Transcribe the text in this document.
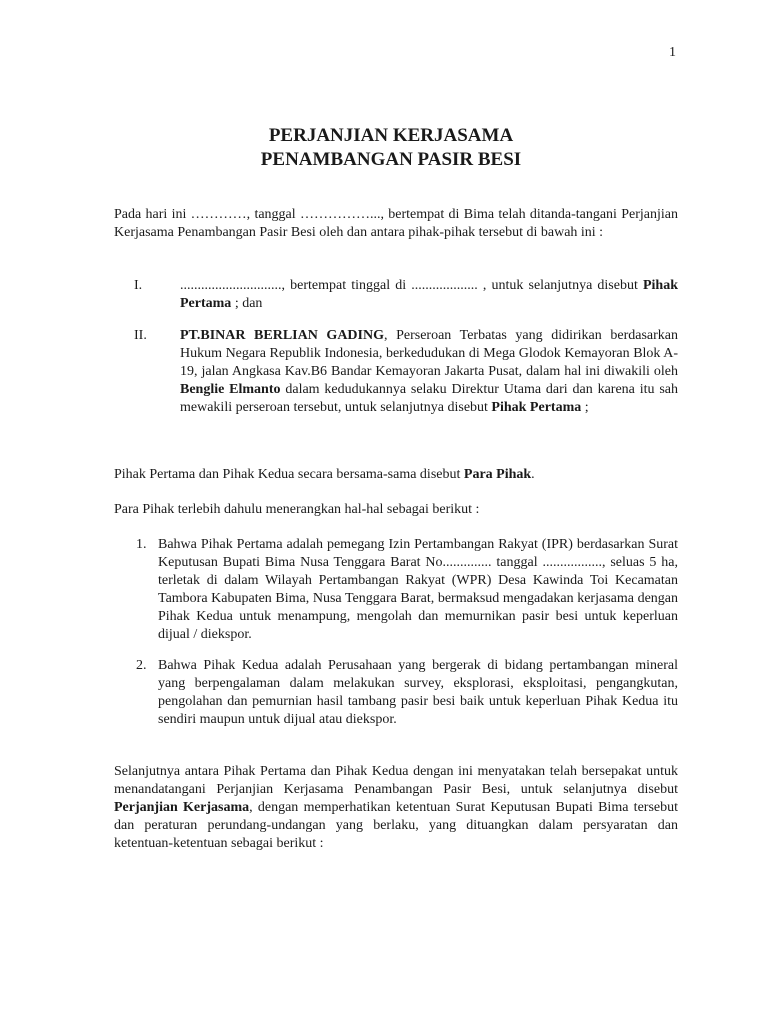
1
PERJANJIAN KERJASAMA
PENAMBANGAN PASIR BESI

Pada hari ini …………, tanggal ……………..., bertempat di Bima telah ditanda-tangani Perjanjian Kerjasama Penambangan Pasir Besi oleh dan antara pihak-pihak tersebut di bawah ini :

I.	............................., bertempat tinggal di ................... , untuk selanjutnya disebut Pihak Pertama ; dan
II. PT.BINAR BERLIAN GADING, Perseroan Terbatas yang didirikan berdasarkan Hukum Negara Republik Indonesia, berkedudukan di Mega Glodok Kemayoran Blok A-19, jalan Angkasa Kav.B6 Bandar Kemayoran Jakarta Pusat, dalam hal ini diwakili oleh Benglie Elmanto dalam kedudukannya selaku Direktur Utama dari dan karena itu sah mewakili perseroan tersebut, untuk selanjutnya disebut Pihak Pertama ;

Pihak Pertama dan Pihak Kedua secara bersama-sama disebut Para Pihak.

Para Pihak terlebih dahulu menerangkan hal-hal sebagai berikut :

1. Bahwa Pihak Pertama adalah pemegang Izin Pertambangan Rakyat (IPR) berdasarkan Surat Keputusan Bupati Bima Nusa Tenggara Barat No.............. tanggal ................., seluas 5 ha, terletak di dalam Wilayah Pertambangan Rakyat (WPR) Desa Kawinda Toi Kecamatan Tambora Kabupaten Bima, Nusa Tenggara Barat, bermaksud mengadakan kerjasama dengan Pihak Kedua untuk menampung, mengolah dan memurnikan pasir besi untuk keperluan dijual / diekspor.
2. Bahwa Pihak Kedua adalah Perusahaan yang bergerak di bidang pertambangan mineral yang berpengalaman dalam melakukan survey, eksplorasi, eksploitasi, pengangkutan, pengolahan dan pemurnian hasil tambang pasir besi baik untuk keperluan Pihak Kedua itu sendiri maupun untuk dijual atau diekspor.

Selanjutnya antara Pihak Pertama dan Pihak Kedua dengan ini menyatakan telah bersepakat untuk menandatangani Perjanjian Kerjasama Penambangan Pasir Besi, untuk selanjutnya disebut Perjanjian Kerjasama, dengan memperhatikan ketentuan Surat Keputusan Bupati Bima tersebut dan peraturan perundang-undangan yang berlaku, yang dituangkan dalam persyaratan dan ketentuan-ketentuan sebagai berikut :
